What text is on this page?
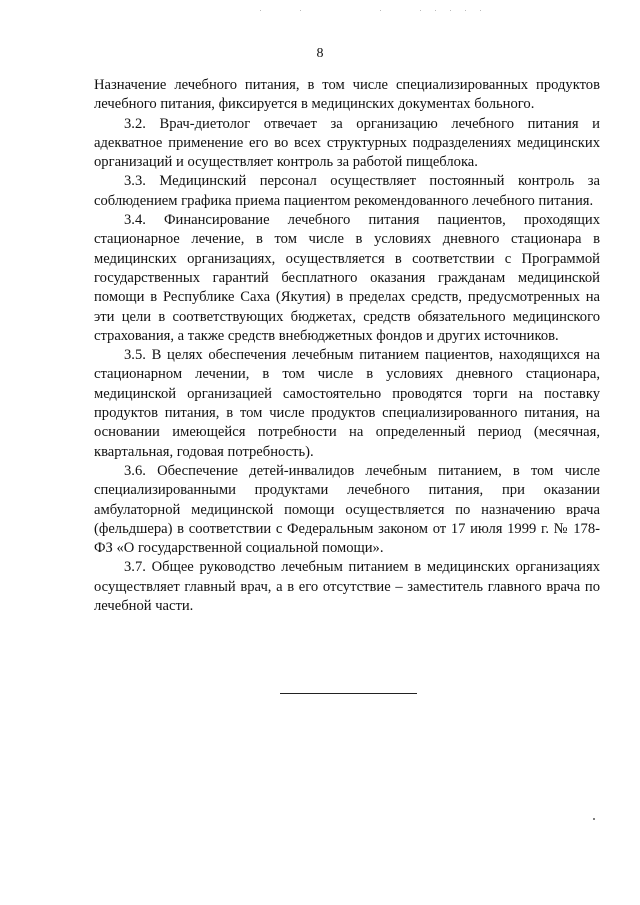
8

Назначение лечебного питания, в том числе специализированных продуктов лечебного питания, фиксируется в медицинских документах больного.

3.2. Врач-диетолог отвечает за организацию лечебного питания и адекватное применение его во всех структурных подразделениях медицинских организаций и осуществляет контроль за работой пищеблока.

3.3. Медицинский персонал осуществляет постоянный контроль за соблюдением графика приема пациентом рекомендованного лечебного питания.

3.4. Финансирование лечебного питания пациентов, проходящих стационарное лечение, в том числе в условиях дневного стационара в медицинских организациях, осуществляется в соответствии с Программой государственных гарантий бесплатного оказания гражданам медицинской помощи в Республике Саха (Якутия) в пределах средств, предусмотренных на эти цели в соответствующих бюджетах, средств обязательного медицинского страхования, а также средств внебюджетных фондов и других источников.

3.5. В целях обеспечения лечебным питанием пациентов, находящихся на стационарном лечении, в том числе в условиях дневного стационара, медицинской организацией самостоятельно проводятся торги на поставку продуктов питания, в том числе продуктов специализированного питания, на основании имеющейся потребности на определенный период (месячная, квартальная, годовая потребность).

3.6. Обеспечение детей-инвалидов лечебным питанием, в том числе специализированными продуктами лечебного питания, при оказании амбулаторной медицинской помощи осуществляется по назначению врача (фельдшера) в соответствии с Федеральным законом от 17 июля 1999 г. № 178-ФЗ «О государственной социальной помощи».

3.7. Общее руководство лечебным питанием в медицинских организациях осуществляет главный врач, а в его отсутствие – заместитель главного врача по лечебной части.
